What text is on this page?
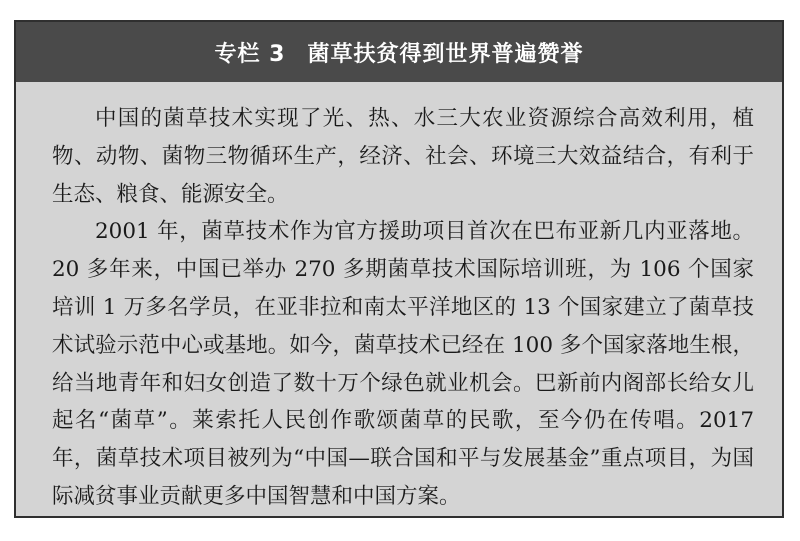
专栏 3 菌草扶贫得到世界普遍赞誉

中国的菌草技术实现了光、热、水三大农业资源综合高效利用，植物、动物、菌物三物循环生产，经济、社会、环境三大效益结合，有利于生态、粮食、能源安全。

2001 年，菌草技术作为官方援助项目首次在巴布亚新几内亚落地。20 多年来，中国已举办 270 多期菌草技术国际培训班，为 106 个国家培训 1 万多名学员，在亚非拉和南太平洋地区的 13 个国家建立了菌草技术试验示范中心或基地。如今，菌草技术已经在 100 多个国家落地生根，给当地青年和妇女创造了数十万个绿色就业机会。巴新前内阁部长给女儿起名“菌草”。莱索托人民创作歌颂菌草的民歌，至今仍在传唱。2017 年，菌草技术项目被列为“中国—联合国和平与发展基金”重点项目，为国际减贫事业贡献更多中国智慧和中国方案。
